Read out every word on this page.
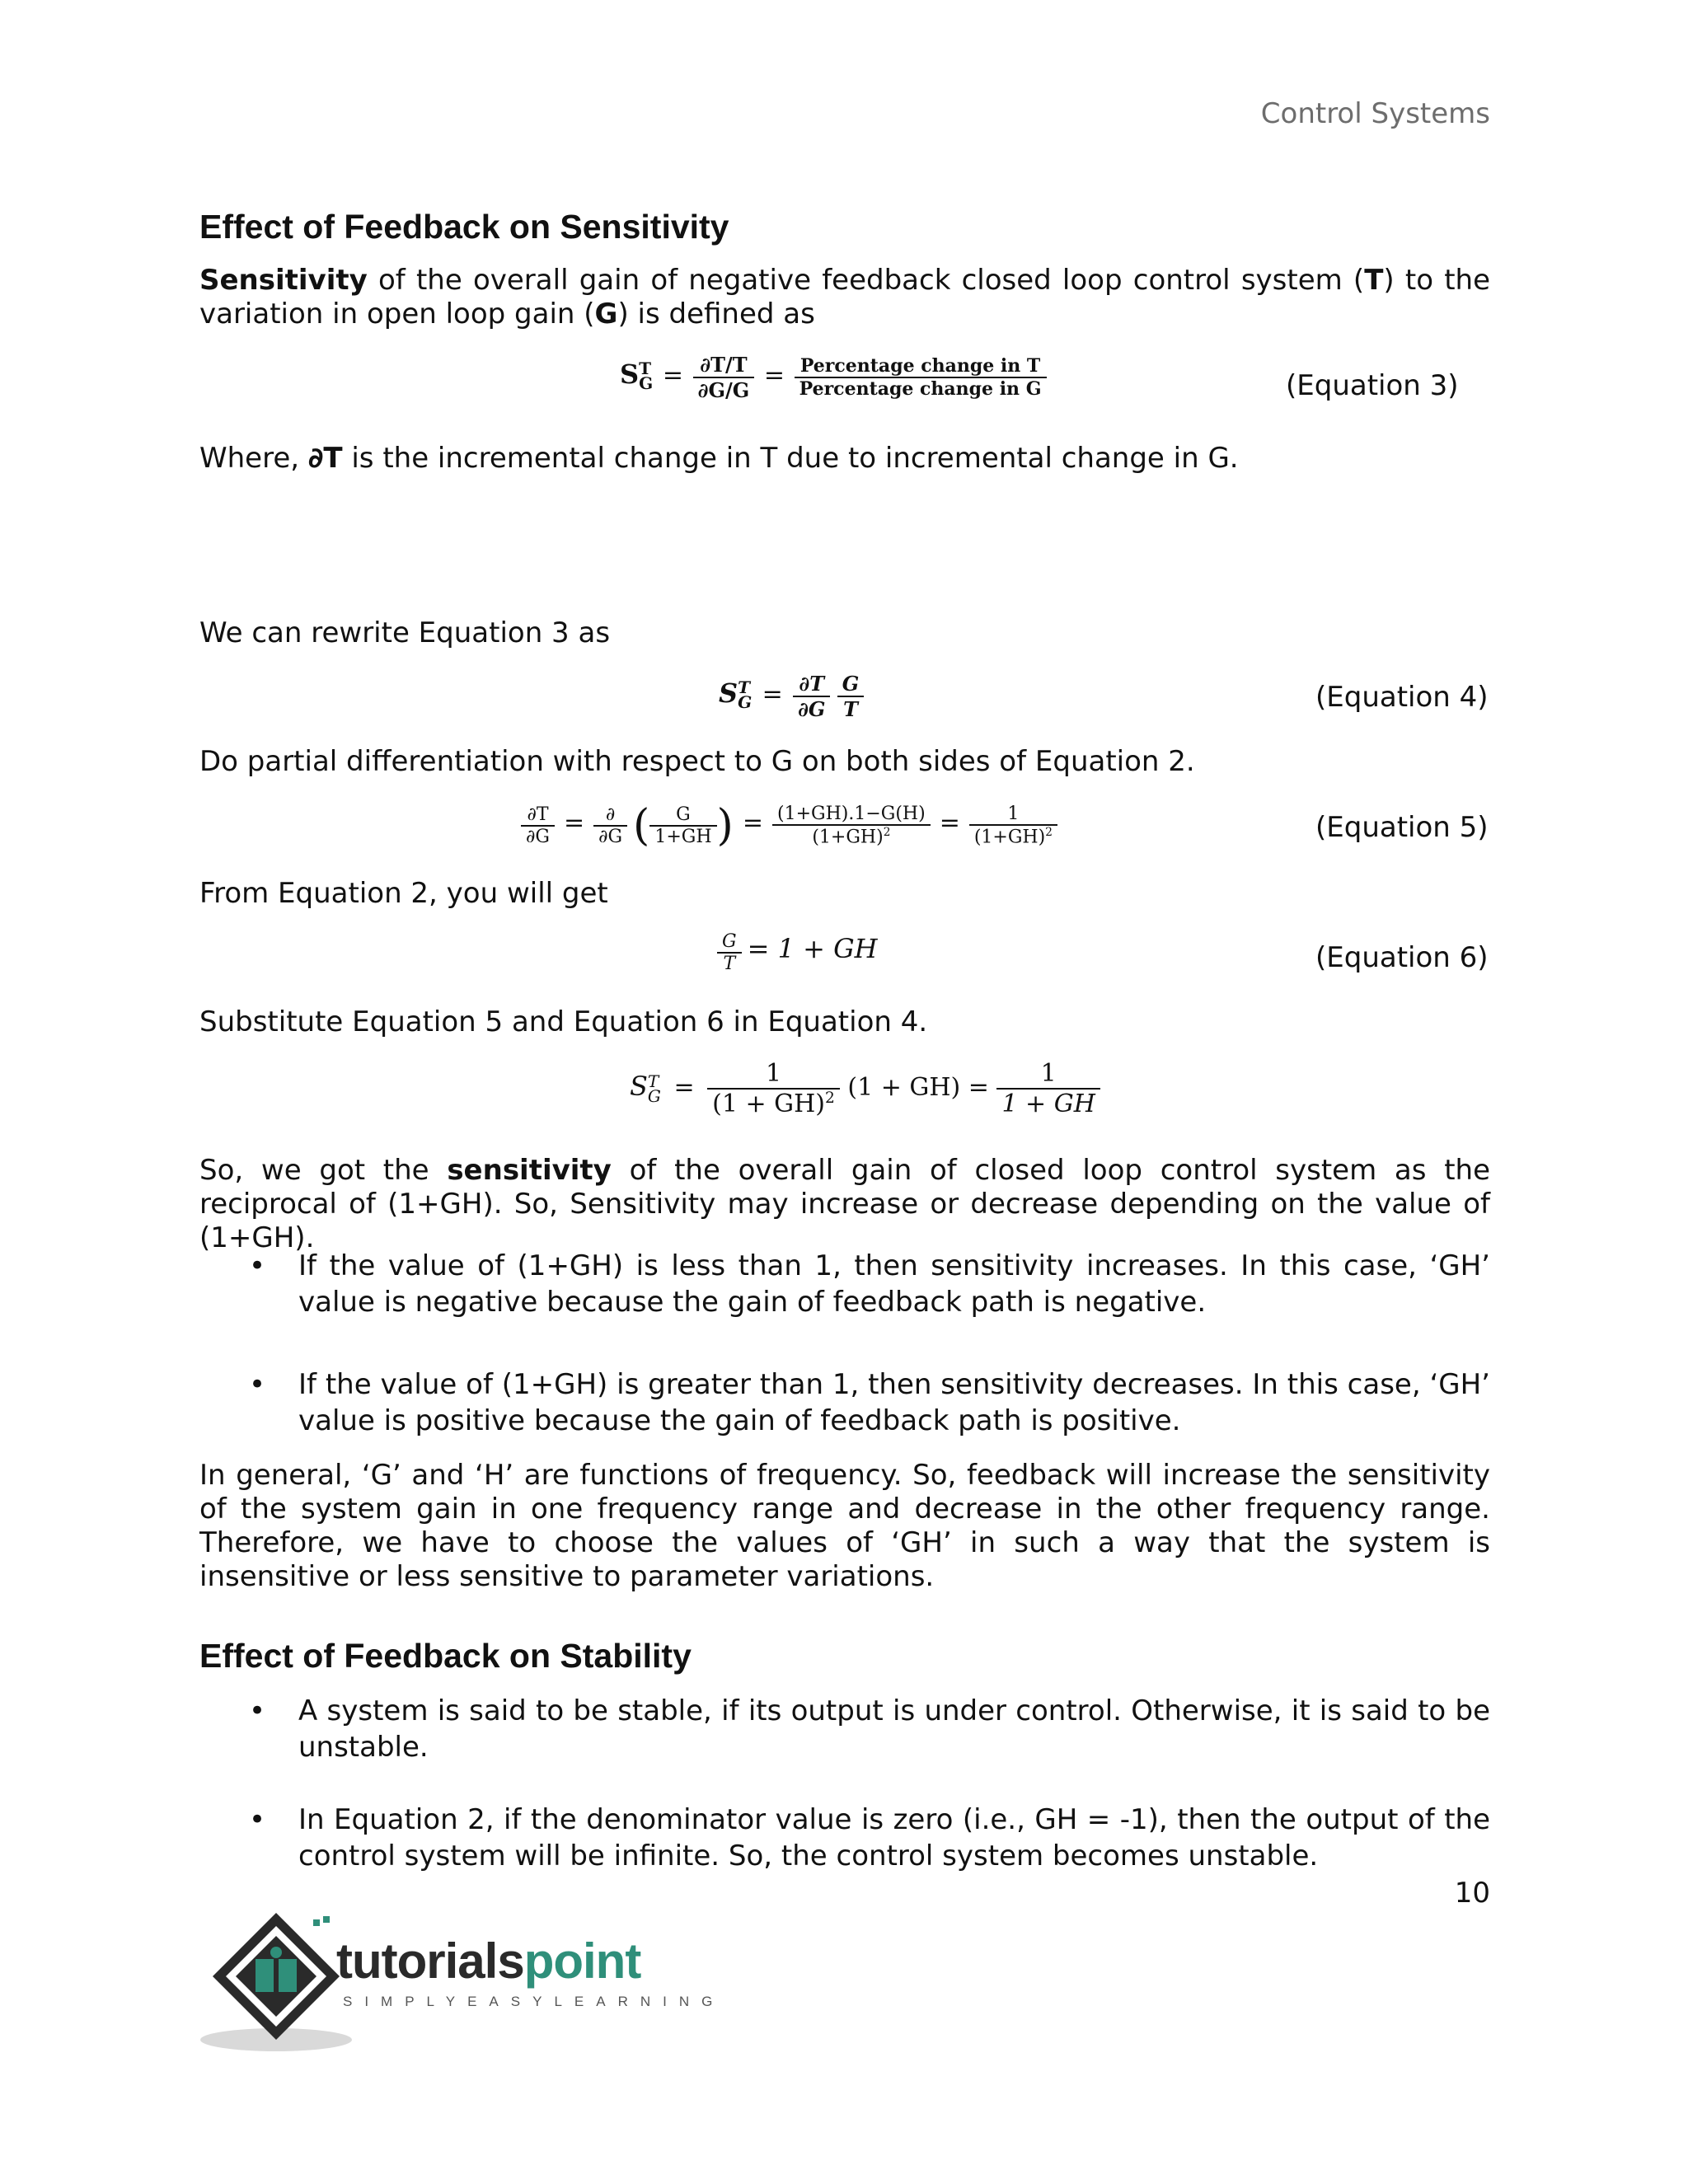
Control Systems
Effect of Feedback on Sensitivity
Sensitivity of the overall gain of negative feedback closed loop control system (T) to the variation in open loop gain (G) is defined as
S T
$G = \frac{\partial T/T}{\partial G/G} = \frac{\text{Percentage change in T}}{\text{Percentage change in G}}$	(Equation 3)
Where, ∂T is the incremental change in T due to incremental change in G.
We can rewrite Equation 3 as
S T
$G = \frac{\partial T}{\partial G}$
$\frac{G}{T}$	(Equation 4)
Do partial differentiation with respect to G on both sides of Equation 2.
$\frac{\partial T}{\partial G} = \frac{\partial}{\partial G}$ ( $\frac{G}{1+GH}$ ) = $\frac{(1+GH).1-G(H)}{(1+GH)^2} = \frac{1}{(1+GH)^2}$	(Equation 5)
From Equation 2, you will get
$\frac{G}{T} = 1$ + GH	(Equation 6)
Substitute Equation 5 and Equation 6 in Equation 4.
S T
$G = \frac{1}{(1 + GH)^2} (1 + GH) = \frac{1}{1 + GH}$
So, we got the sensitivity of the overall gain of closed loop control system as the reciprocal of (1+GH). So, Sensitivity may increase or decrease depending on the value of (1+GH).
• If the value of (1+GH) is less than 1, then sensitivity increases. In this case, ‘GH’ value is negative because the gain of feedback path is negative.
• If the value of (1+GH) is greater than 1, then sensitivity decreases. In this case, ‘GH’ value is positive because the gain of feedback path is positive.
In general, ‘G’ and ‘H’ are functions of frequency. So, feedback will increase the sensitivity of the system gain in one frequency range and decrease in the other frequency range. Therefore, we have to choose the values of ‘GH’ in such a way that the system is insensitive or less sensitive to parameter variations.
Effect of Feedback on Stability
• A system is said to be stable, if its output is under control. Otherwise, it is said to be unstable.
• In Equation 2, if the denominator value is zero (i.e., GH = -1), then the output of the control system will be infinite. So, the control system becomes unstable.
10
tutorialspoint
SIMPLYEASYLEARNING
